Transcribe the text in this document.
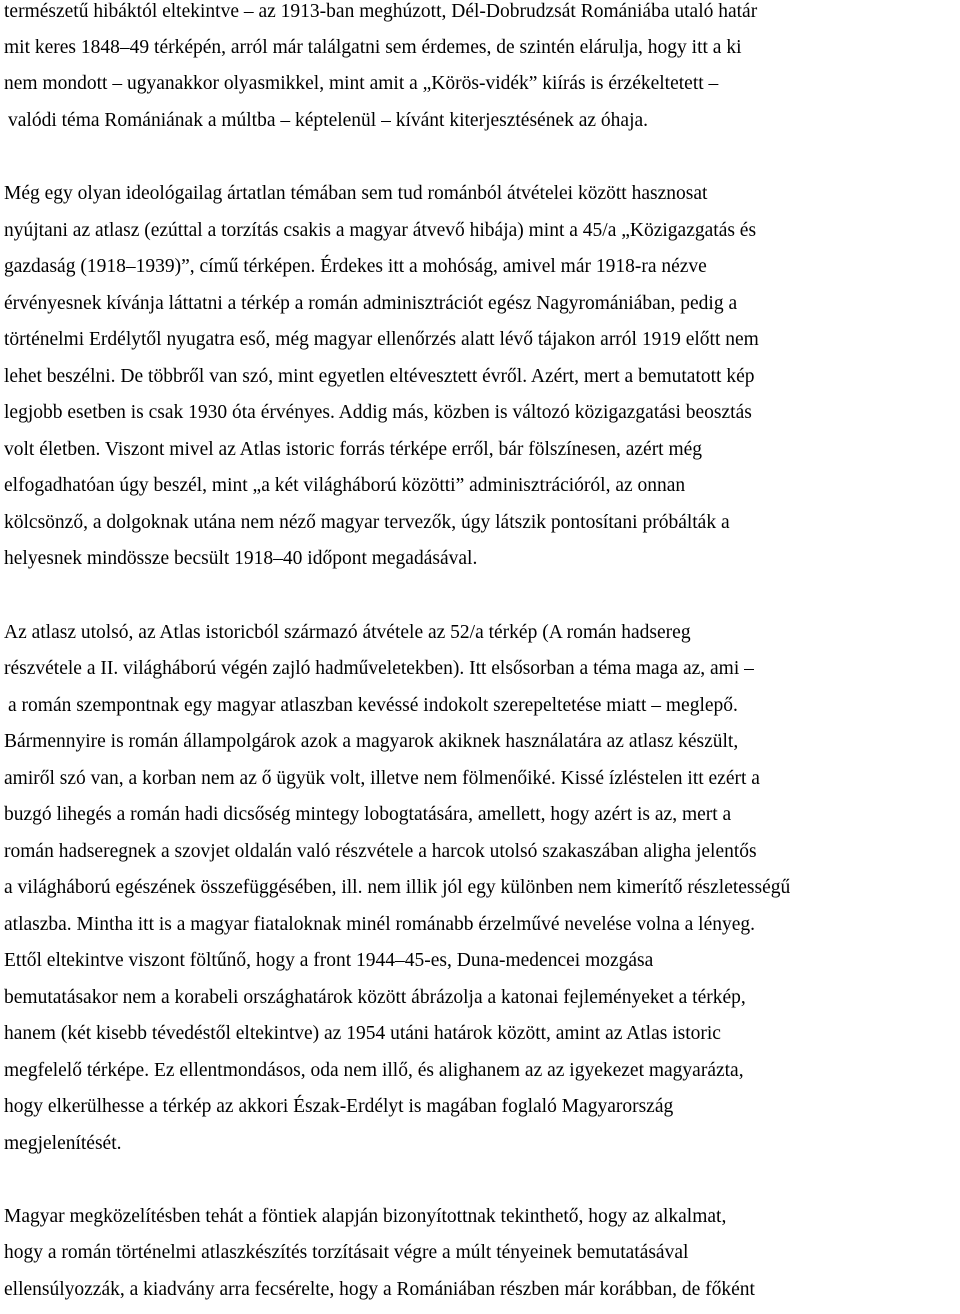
természetű hibáktól eltekintve – az 1913-ban meghúzott, Dél-Dobrudzsát Romániába utaló határ
mit keres 1848–49 térképén, arról már találgatni sem érdemes, de szintén elárulja, hogy itt a ki
nem mondott – ugyanakkor olyasmikkel, mint amit a „Körös-vidék” kiírás is érzékeltetett –
valódi téma Romániának a múltba – képtelenül – kívánt kiterjesztésének az óhaja.
Még egy olyan ideológailag ártatlan témában sem tud románból átvételei között hasznosat
nyújtani az atlasz (ezúttal a torzítás csakis a magyar átvevő hibája) mint a 45/a „Közigazgatás és
gazdaság (1918–1939)”, című térképen. Érdekes itt a mohóság, amivel már 1918-ra nézve
érvényesnek kívánja láttatni a térkép a román adminisztrációt egész Nagyromániában, pedig a
történelmi Erdélytől nyugatra eső, még magyar ellenőrzés alatt lévő tájakon arról 1919 előtt nem
lehet beszélni. De többről van szó, mint egyetlen eltévesztett évről. Azért, mert a bemutatott kép
legjobb esetben is csak 1930 óta érvényes. Addig más, közben is változó közigazgatási beosztás
volt életben. Viszont mivel az Atlas istoric forrás térképe erről, bár fölszínesen, azért még
elfogadhatóan úgy beszél, mint „a két világháború közötti” adminisztrációról, az onnan
kölcsönző, a dolgoknak utána nem néző magyar tervezők, úgy látszik pontosítani próbálták a
helyesnek mindössze becsült 1918–40 időpont megadásával.
Az atlasz utolsó, az Atlas istoricból származó átvétele az 52/a térkép (A román hadsereg
részvétele a II. világháború végén zajló hadműveletekben). Itt elsősorban a téma maga az, ami –
a román szempontnak egy magyar atlaszban kevéssé indokolt szerepeltetése miatt – meglepő.
Bármennyire is román állampolgárok azok a magyarok akiknek használatára az atlasz készült,
amiről szó van, a korban nem az ő ügyük volt, illetve nem fölmenőiké. Kissé ízléstelen itt ezért a
buzgó lihegés a román hadi dicsőség mintegy lobogtatására, amellett, hogy azért is az, mert a
román hadseregnek a szovjet oldalán való részvétele a harcok utolsó szakaszában aligha jelentős
a világháború egészének összefüggésében, ill. nem illik jól egy különben nem kimerítő részletességű
atlaszba. Mintha itt is a magyar fiataloknak minél románabb érzelművé nevelése volna a lényeg.
Ettől eltekintve viszont föltűnő, hogy a front 1944–45-es, Duna-medencei mozgása
bemutatásakor nem a korabeli országhatárok között ábrázolja a katonai fejleményeket a térkép,
hanem (két kisebb tévedéstől eltekintve) az 1954 utáni határok között, amint az Atlas istoric
megfelelő térképe. Ez ellentmondásos, oda nem illő, és alighanem az az igyekezet magyarázta,
hogy elkerülhesse a térkép az akkori Észak-Erdélyt is magában foglaló Magyarország
megjelenítését.
Magyar megközelítésben tehát a föntiek alapján bizonyítottnak tekinthető, hogy az alkalmat,
hogy a román történelmi atlaszkészítés torzításait végre a múlt tényeinek bemutatásával
ellensúlyozzák, a kiadvány arra fecsérelte, hogy a Romániában részben már korábban, de főként
